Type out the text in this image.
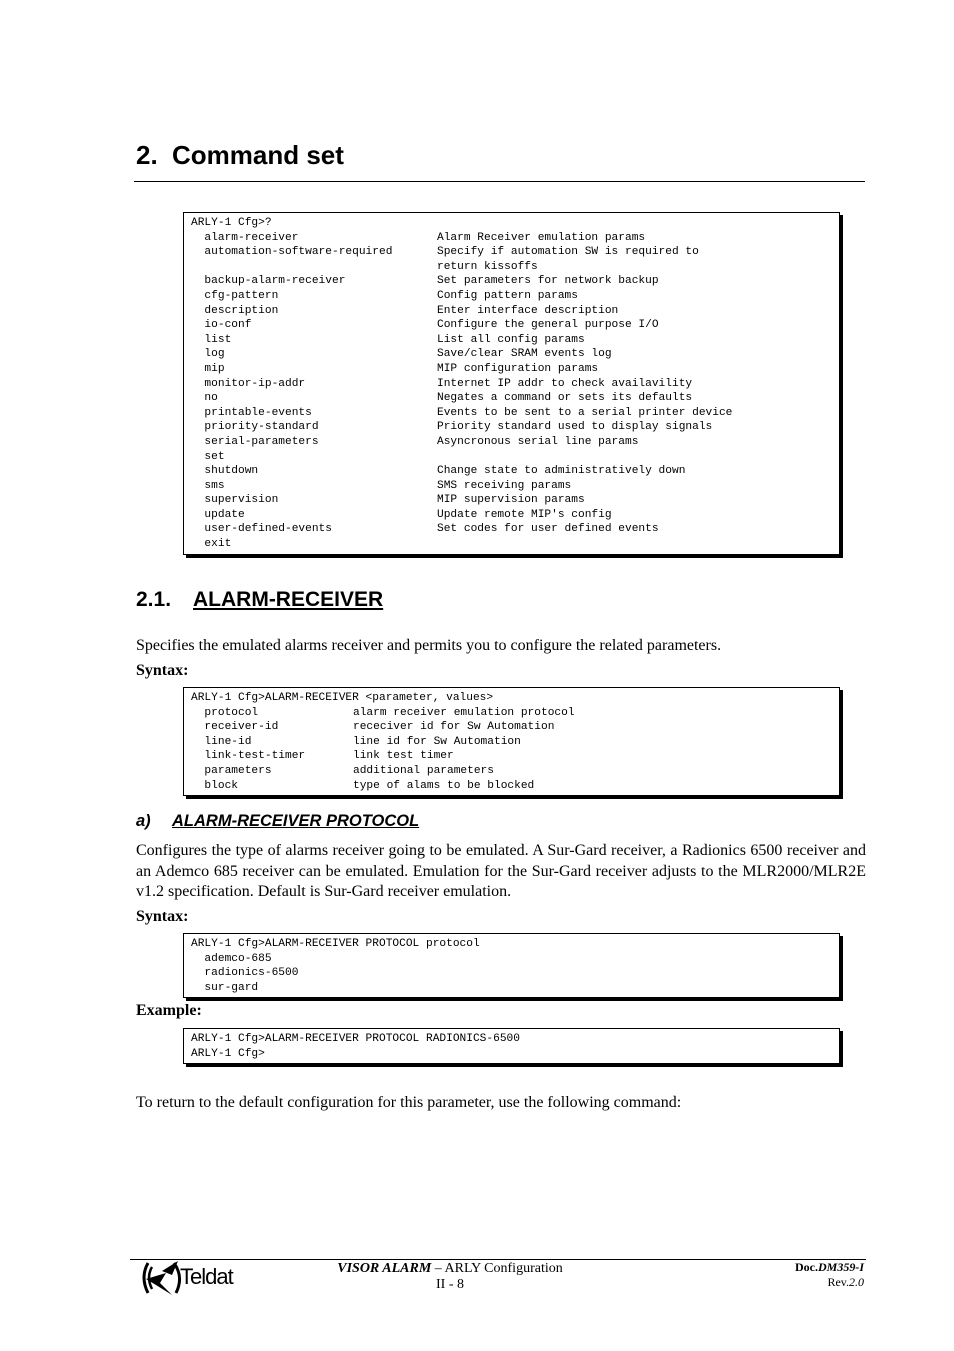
2. Command set
ARLY-1 Cfg>?
alarm-receiver	Alarm Receiver emulation params
automation-software-required	Specify if automation SW is required to
return kissoffs
backup-alarm-receiver	Set parameters for network backup
cfg-pattern	Config pattern params
description	Enter interface description
io-conf	Configure the general purpose I/O
list	List all config params
log	Save/clear SRAM events log
mip	MIP configuration params
monitor-ip-addr	Internet IP addr to check availavility
no	Negates a command or sets its defaults
printable-events	Events to be sent to a serial printer device
priority-standard	Priority standard used to display signals
serial-parameters	Asyncronous serial line params
set
shutdown	Change state to administratively down
sms	SMS receiving params
supervision	MIP supervision params
update	Update remote MIP's config
user-defined-events	Set codes for user defined events
exit
2.1. ALARM-RECEIVER
Specifies the emulated alarms receiver and permits you to configure the related parameters.
Syntax:
ARLY-1 Cfg>ALARM-RECEIVER <parameter, values>
protocol	alarm receiver emulation protocol
receiver-id	receciver id for Sw Automation
line-id	line id for Sw Automation
link-test-timer	link test timer
parameters	additional parameters
block	type of alams to be blocked
a) ALARM-RECEIVER PROTOCOL
Configures the type of alarms receiver going to be emulated. A Sur-Gard receiver, a Radionics 6500 receiver and an Ademco 685 receiver can be emulated. Emulation for the Sur-Gard receiver adjusts to the MLR2000/MLR2E v1.2 specification. Default is Sur-Gard receiver emulation.
Syntax:
ARLY-1 Cfg>ALARM-RECEIVER PROTOCOL protocol
ademco-685
radionics-6500
sur-gard
Example:
ARLY-1 Cfg>ALARM-RECEIVER PROTOCOL RADIONICS-6500
ARLY-1 Cfg>
To return to the default configuration for this parameter, use the following command:
Teldat	VISOR ALARM – ARLY Configuration
II - 8
Doc.DM359-I
Rev.2.0
